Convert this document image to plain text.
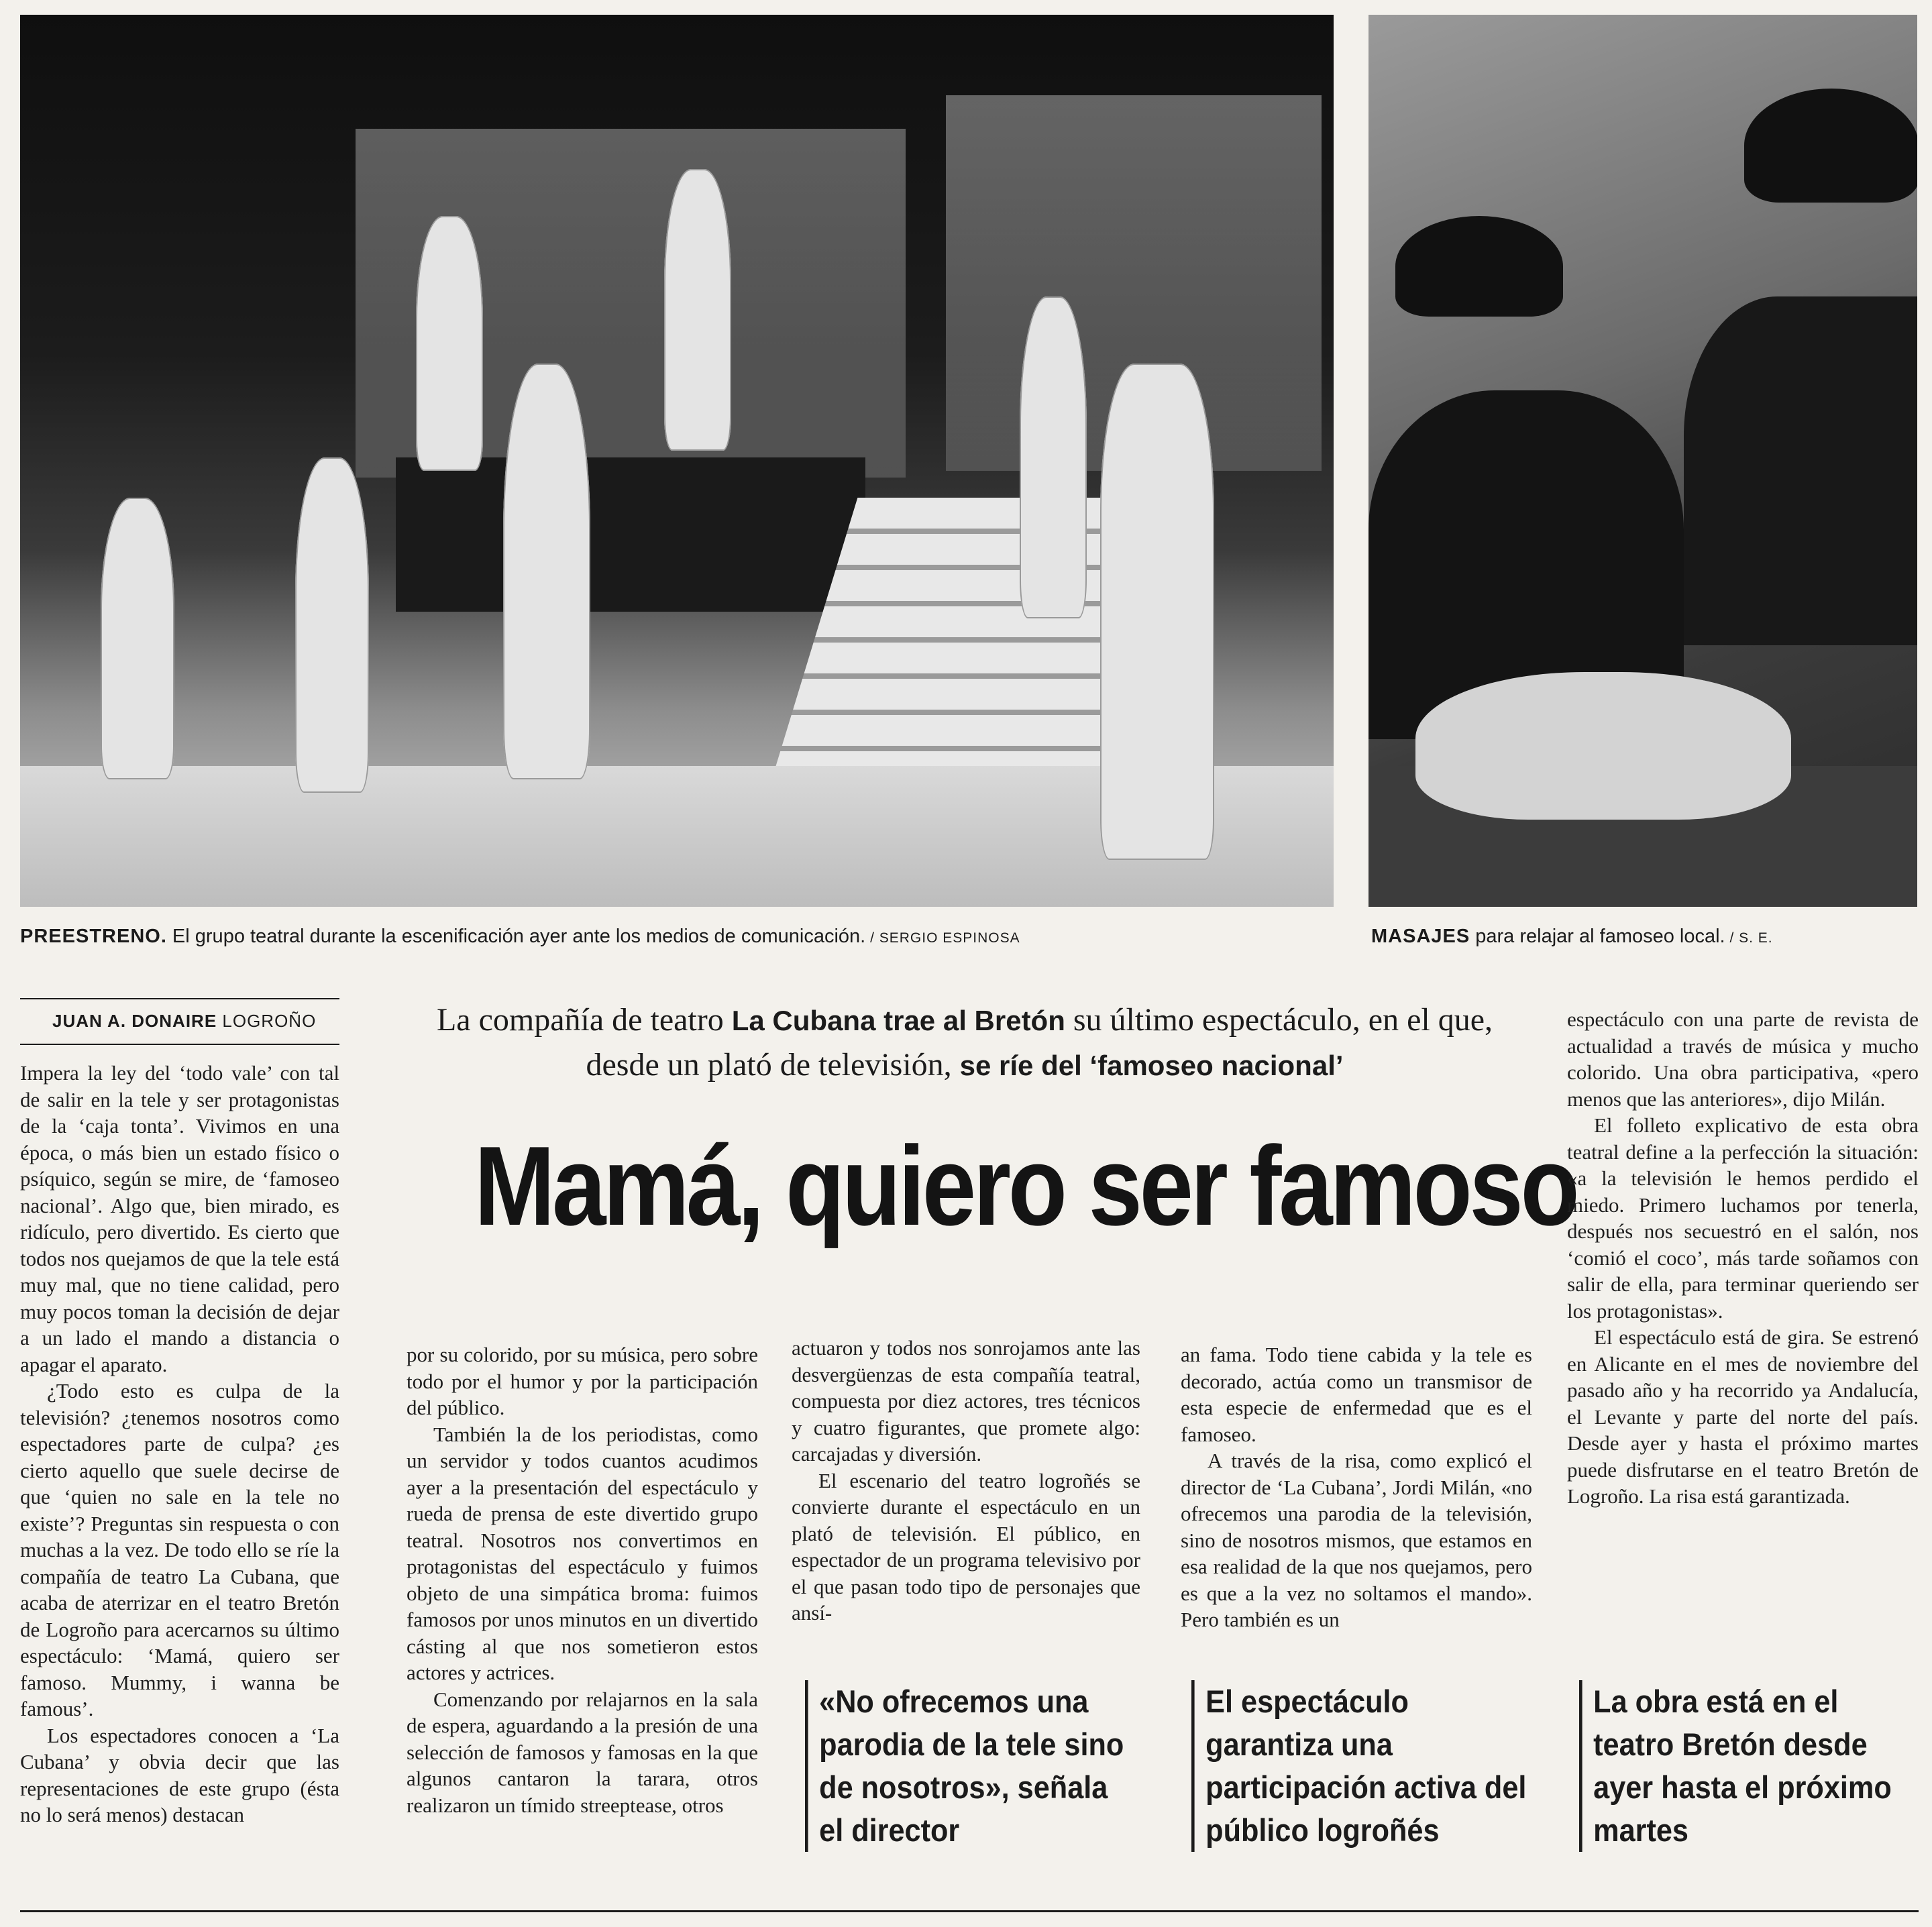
PREESTRENO. El grupo teatral durante la escenificación ayer ante los medios de comunicación. / SERGIO ESPINOSA	MASAJES para relajar al famoseo local. / S. E.
JUAN A. DONAIRE LOGROÑO	La compañía de teatro La Cubana trae al Bretón su último espectáculo, en el que, desde un plató de televisión, se ríe del ‘famoseo nacional’
Mamá, quiero ser famoso

Impera la ley del ‘todo vale’ con tal de salir en la tele y ser protagonistas de la ‘caja tonta’. Vivimos en una época, o más bien un estado físico o psíquico, según se mire, de ‘famoseo nacional’. Algo que, bien mirado, es ridículo, pero divertido. Es cierto que todos nos quejamos de que la tele está muy mal, que no tiene calidad, pero muy pocos toman la decisión de dejar a un lado el mando a distancia o apagar el aparato.

¿Todo esto es culpa de la televisión? ¿tenemos nosotros como espectadores parte de culpa? ¿es cierto aquello que suele decirse de que ‘quien no sale en la tele no existe’? Preguntas sin respuesta o con muchas a la vez. De todo ello se ríe la compañía de teatro La Cubana, que acaba de aterrizar en el teatro Bretón de Logroño para acercarnos su último espectáculo: ‘Mamá, quiero ser famoso. Mummy, i wanna be famous’.

Los espectadores conocen a ‘La Cubana’ y obvia decir que las representaciones de este grupo (ésta no lo será menos) destacan

por su colorido, por su música, pero sobre todo por el humor y por la participación del público.

También la de los periodistas, como un servidor y todos cuantos acudimos ayer a la presentación del espectáculo y rueda de prensa de este divertido grupo teatral. Nosotros nos convertimos en protagonistas del espectáculo y fuimos objeto de una simpática broma: fuimos famosos por unos minutos en un divertido cásting al que nos sometieron estos actores y actrices.

Comenzando por relajarnos en la sala de espera, aguardando a la presión de una selección de famosos y famosas en la que algunos cantaron la tarara, otros realizaron un tímido streeptease, otros

actuaron y todos nos sonrojamos ante las desvergüenzas de esta compañía teatral, compuesta por diez actores, tres técnicos y cuatro figurantes, que promete algo: carcajadas y diversión.

El escenario del teatro logroñés se convierte durante el espectáculo en un plató de televisión. El público, en espectador de un programa televisivo por el que pasan todo tipo de personajes que ansí-

an fama. Todo tiene cabida y la tele es decorado, actúa como un transmisor de esta especie de enfermedad que es el famoseo.

A través de la risa, como explicó el director de ‘La Cubana’, Jordi Milán, «no ofrecemos una parodia de la televisión, sino de nosotros mismos, que estamos en esa realidad de la que nos quejamos, pero es que a la vez no soltamos el mando». Pero también es un

espectáculo con una parte de revista de actualidad a través de música y mucho colorido. Una obra participativa, «pero menos que las anteriores», dijo Milán.

El folleto explicativo de esta obra teatral define a la perfección la situación: «a la televisión le hemos perdido el miedo. Primero luchamos por tenerla, después nos secuestró en el salón, nos ‘comió el coco’, más tarde soñamos con salir de ella, para terminar queriendo ser los protagonistas».

El espectáculo está de gira. Se estrenó en Alicante en el mes de noviembre del pasado año y ha recorrido ya Andalucía, el Levante y parte del norte del país. Desde ayer y hasta el próximo martes puede disfrutarse en el teatro Bretón de Logroño. La risa está garantizada.

«No ofrecemos una parodia de la tele sino de nosotros», señala el director
El espectáculo garantiza una participación activa del público logroñés
La obra está en el teatro Bretón desde ayer hasta el próximo martes
